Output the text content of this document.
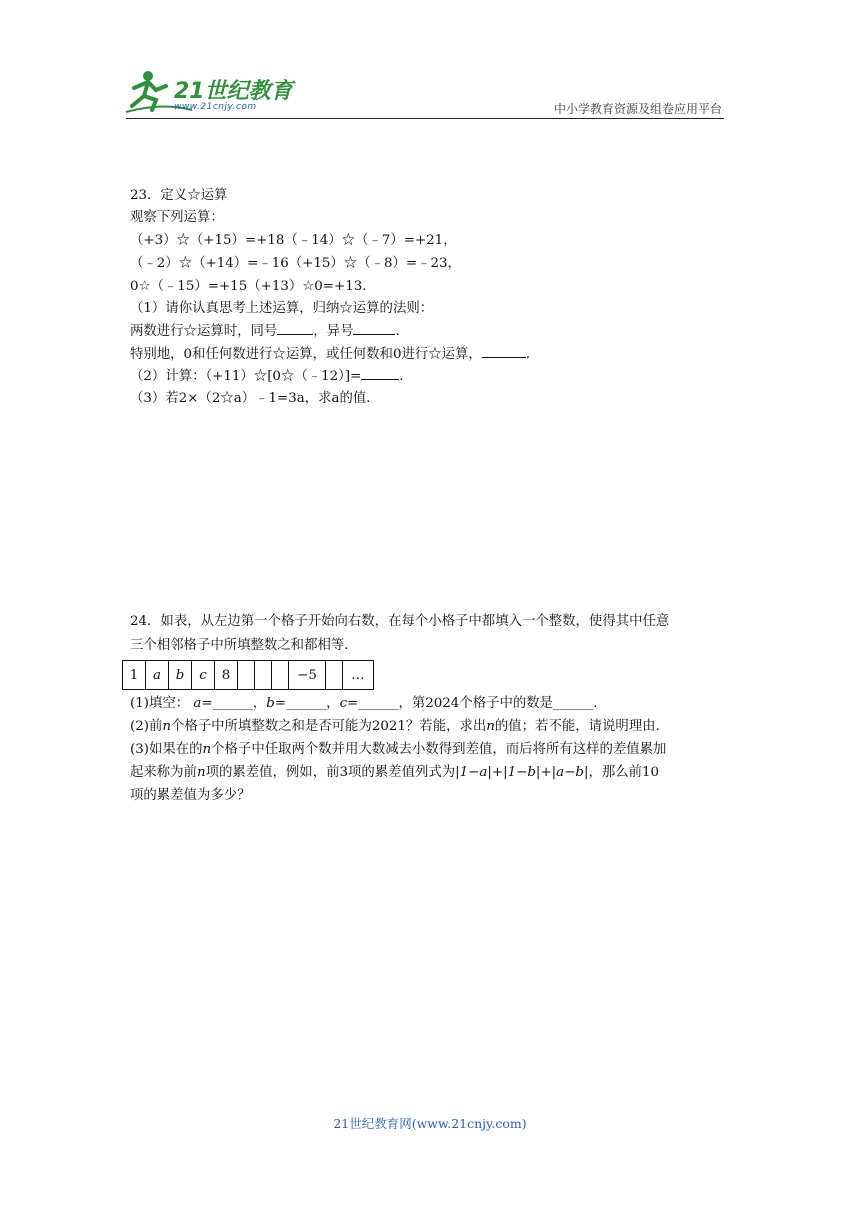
21世纪教育
www.21cnjy.com	中小学教育资源及组卷应用平台
23．定义☆运算
观察下列运算：
（+3）☆（+15）=+18（﹣14）☆（﹣7）=+21，
（﹣2）☆（+14）=﹣16（+15）☆（﹣8）=﹣23，
0☆（﹣15）=+15（+13）☆0=+13．
（1）请你认真思考上述运算，归纳☆运算的法则：
两数进行☆运算时，同号	，异号	．
特别地，0和任何数进行☆运算，或任何数和0进行☆运算，	．
（2）计算：（+11）☆[0☆（﹣12）]=	．
（3）若2×（2☆a）﹣1=3a，求a的值．
24．如表，从左边第一个格子开始向右数，在每个小格子中都填入一个整数，使得其中任意
三个相邻格子中所填整数之和都相等．
1	a	b	c	8				−5		…
(1)填空： a=______，b=______，c=______，第2024个格子中的数是______．
(2)前n个格子中所填整数之和是否可能为2021？若能，求出n的值；若不能，请说明理由．
(3)如果在的n个格子中任取两个数并用大数减去小数得到差值，而后将所有这样的差值累加
起来称为前n项的累差值，例如，前3项的累差值列式为|1−a|+|1−b|+|a−b|，那么前10
项的累差值为多少？
21世纪教育网(www.21cnjy.com)
